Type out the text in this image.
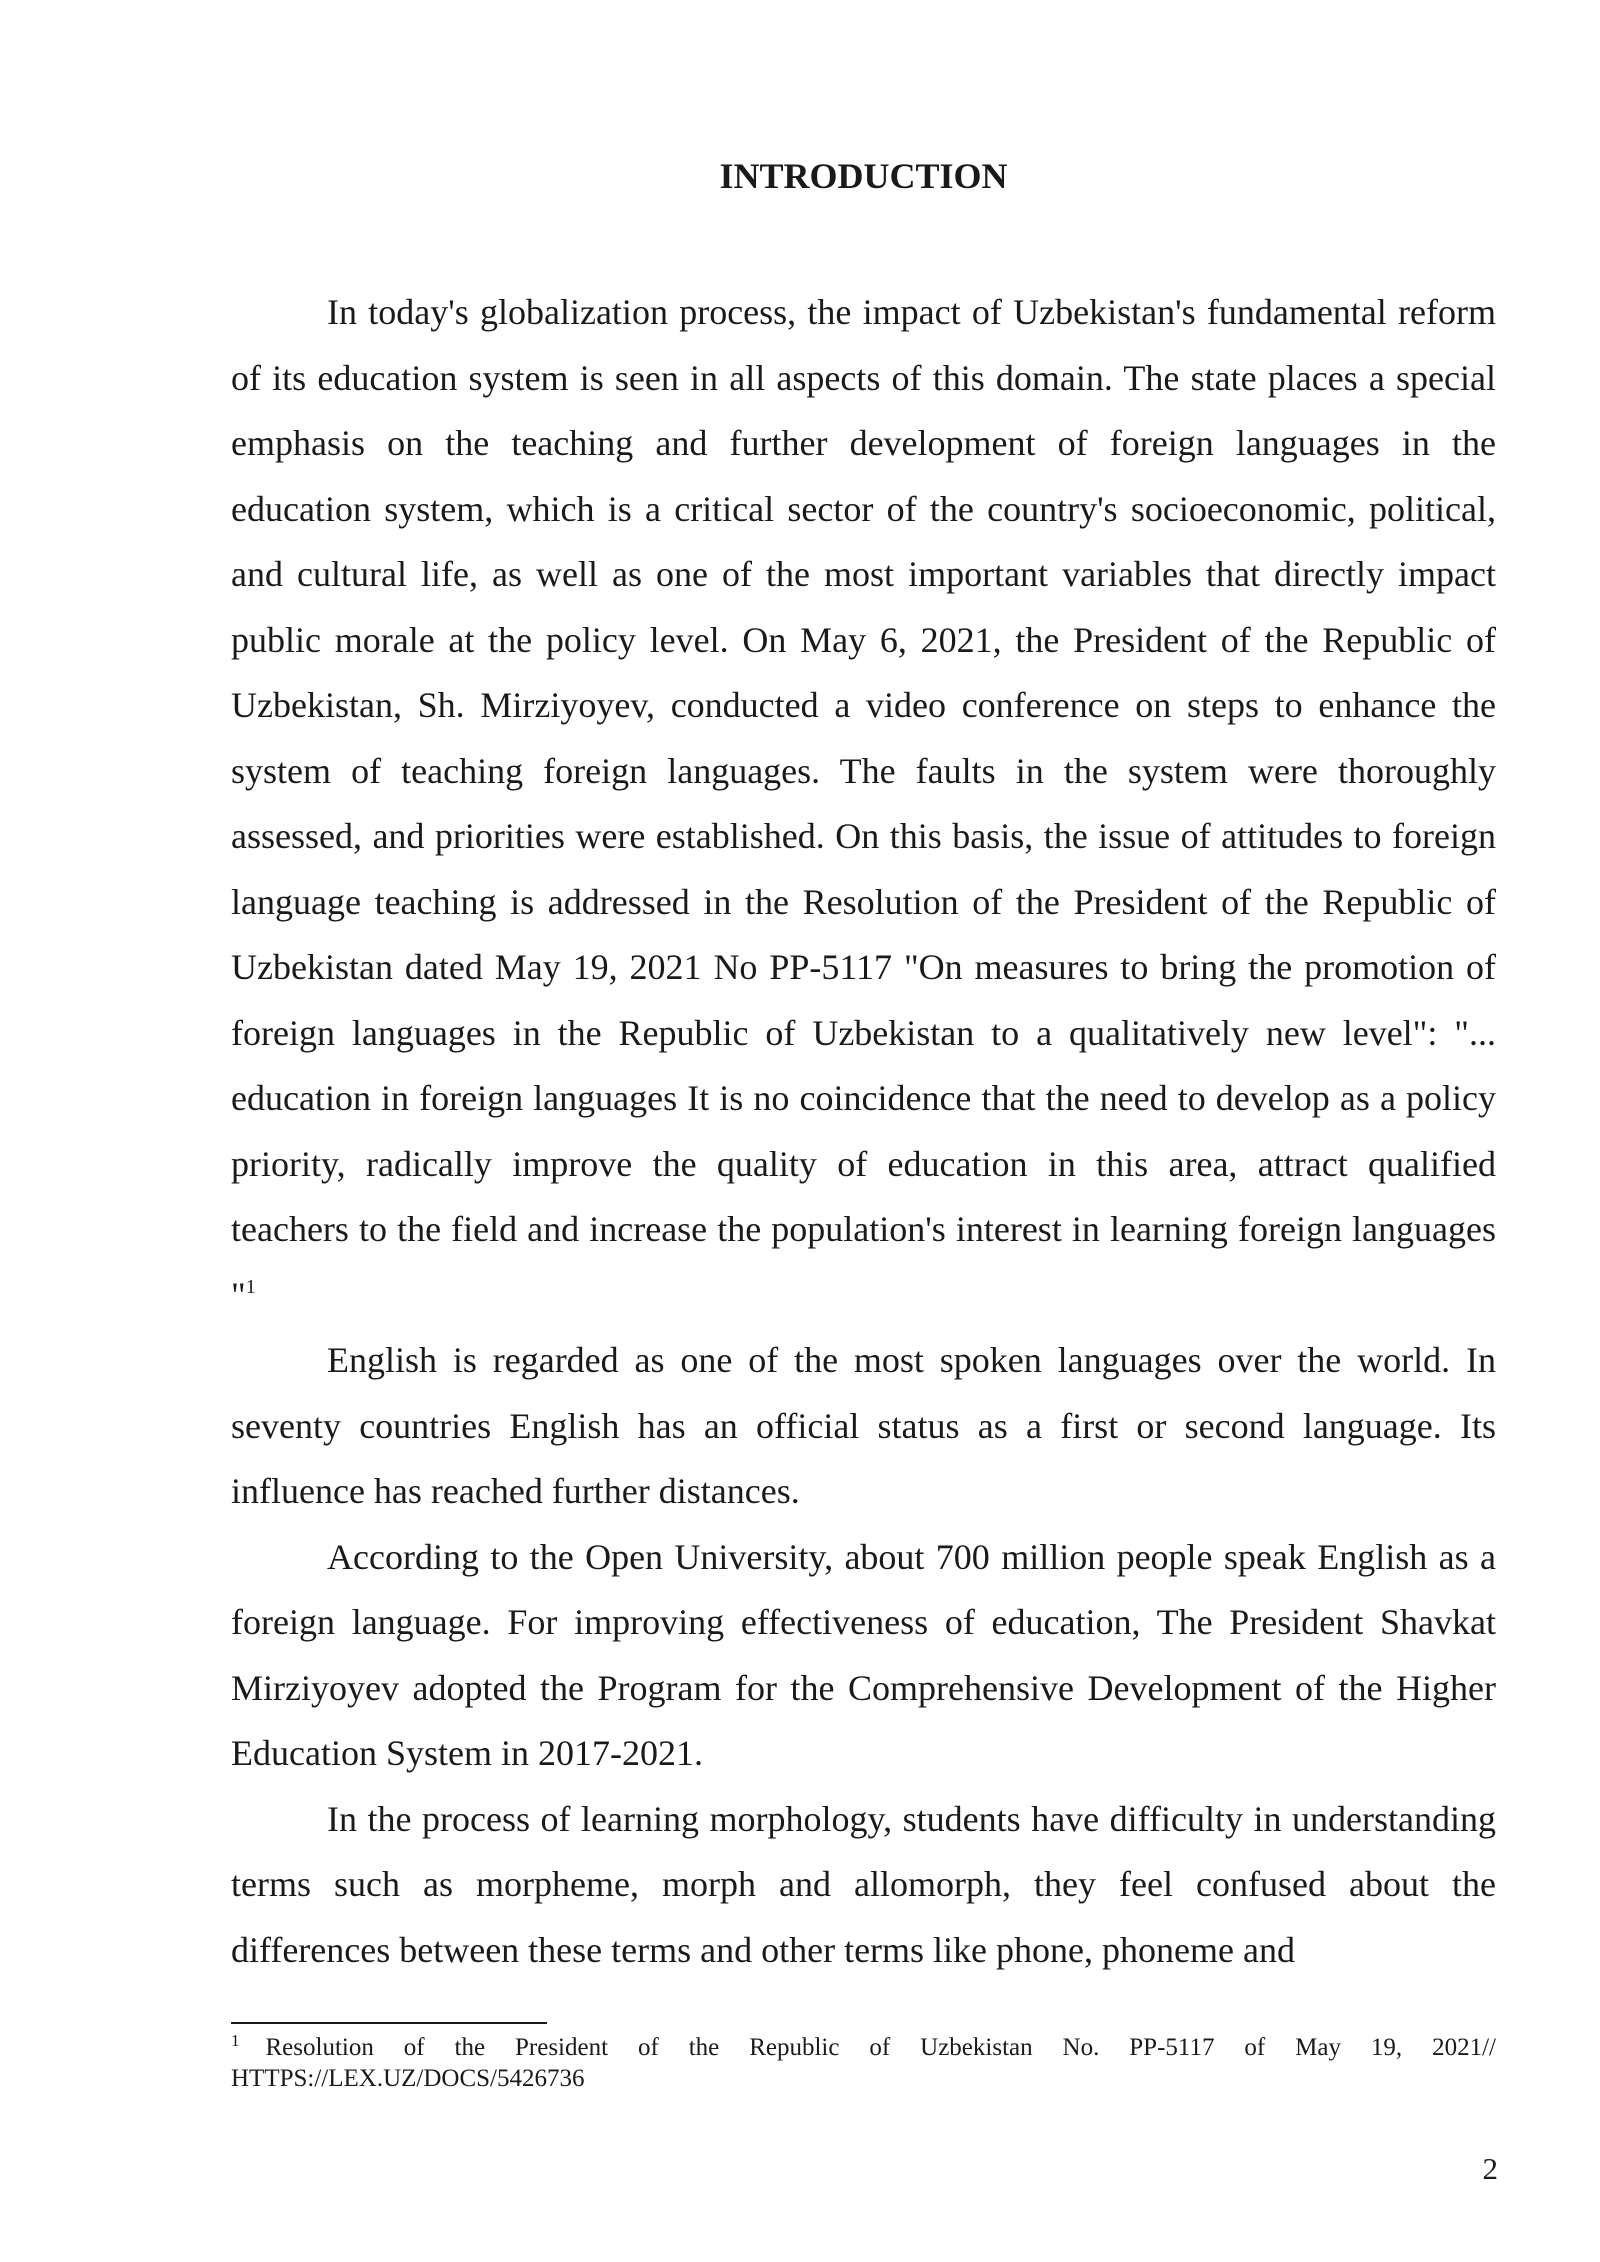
INTRODUCTION

In today's globalization process, the impact of Uzbekistan's fundamental reform of its education system is seen in all aspects of this domain. The state places a special emphasis on the teaching and further development of foreign languages in the education system, which is a critical sector of the country's socioeconomic, political, and cultural life, as well as one of the most important variables that directly impact public morale at the policy level. On May 6, 2021, the President of the Republic of Uzbekistan, Sh. Mirziyoyev, conducted a video conference on steps to enhance the system of teaching foreign languages. The faults in the system were thoroughly assessed, and priorities were established. On this basis, the issue of attitudes to foreign language teaching is addressed in the Resolution of the President of the Republic of Uzbekistan dated May 19, 2021 No PP-5117 "On measures to bring the promotion of foreign languages in the Republic of Uzbekistan to a qualitatively new level": "... education in foreign languages It is no coincidence that the need to develop as a policy priority, radically improve the quality of education in this area, attract qualified teachers to the field and increase the population's interest in learning foreign languages "$^1$

English is regarded as one of the most spoken languages over the world. In seventy countries English has an official status as a first or second language. Its influence has reached further distances.

According to the Open University, about 700 million people speak English as a foreign language. For improving effectiveness of education, The President Shavkat Mirziyoyev adopted the Program for the Comprehensive Development of the Higher Education System in 2017-2021.

In the process of learning morphology, students have difficulty in understanding terms such as morpheme, morph and allomorph, they feel confused about the differences between these terms and other terms like phone, phoneme and

$^1$ Resolution of the President of the Republic of Uzbekistan No. PP-5117 of May 19, 2021//
HTTPS://LEX.UZ/DOCS/5426736
2
